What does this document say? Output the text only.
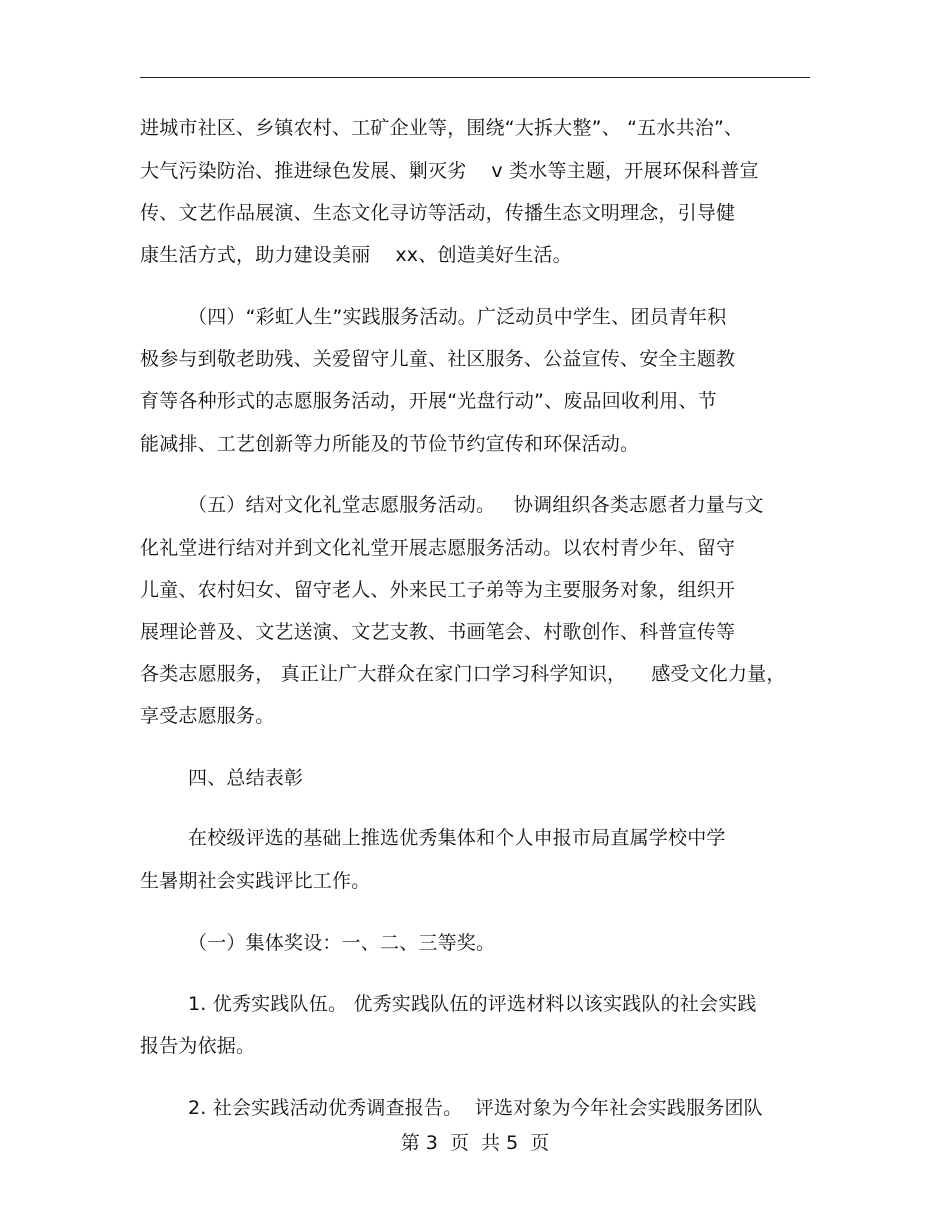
进城市社区、乡镇农村、工矿企业等，围绕“大拆大整”、 “五水共治”、
大气污染防治、推进绿色发展、剿灭劣    v 类水等主题，开展环保科普宣
传、文艺作品展演、生态文化寻访等活动，传播生态文明理念，引导健
康生活方式，助力建设美丽    xx、创造美好生活。
（四）“彩虹人生”实践服务活动。广泛动员中学生、团员青年积
极参与到敬老助残、关爱留守儿童、社区服务、公益宣传、安全主题教
育等各种形式的志愿服务活动，开展“光盘行动”、废品回收利用、节
能减排、工艺创新等力所能及的节俭节约宣传和环保活动。
（五）结对文化礼堂志愿服务活动。   协调组织各类志愿者力量与文
化礼堂进行结对并到文化礼堂开展志愿服务活动。以农村青少年、留守
儿童、农村妇女、留守老人、外来民工子弟等为主要服务对象，组织开
展理论普及、文艺送演、文艺支教、书画笔会、村歌创作、科普宣传等
各类志愿服务， 真正让广大群众在家门口学习科学知识，    感受文化力量，
享受志愿服务。
四、总结表彰
在校级评选的基础上推选优秀集体和个人申报市局直属学校中学
生暑期社会实践评比工作。
（一）集体奖设：一、二、三等奖。
1. 优秀实践队伍。 优秀实践队伍的评选材料以该实践队的社会实践
报告为依据。
2. 社会实践活动优秀调查报告。  评选对象为今年社会实践服务团队
第 3  页  共 5  页
